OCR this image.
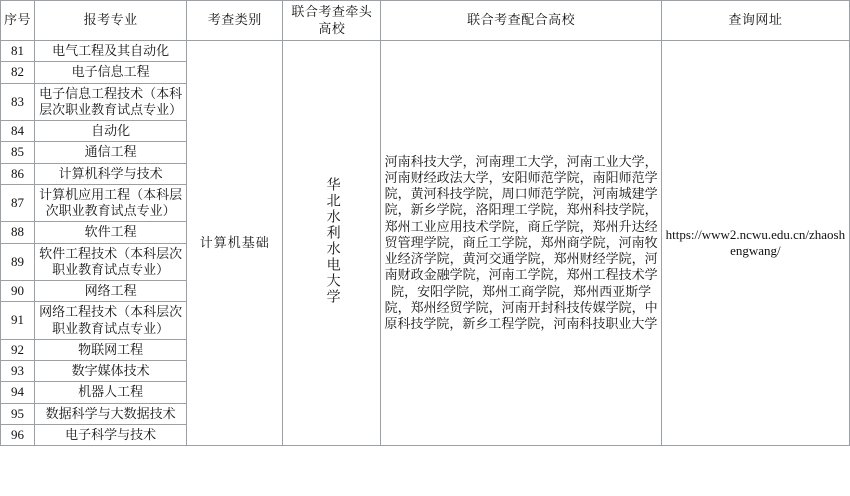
序号	报考专业	考查类别	联合考查牵头高校	联合考查配合高校	查询网址
81	电气工程及其自动化	计算机基础	华北水利水电大学	河南科技大学，河南理工大学，河南工业大学，河南财经政法大学，安阳师范学院，南阳师范学院，黄河科技学院，周口师范学院，河南城建学院，新乡学院，洛阳理工学院，郑州科技学院，郑州工业应用技术学院，商丘学院，郑州升达经贸管理学院，商丘工学院，郑州商学院，河南牧业经济学院，黄河交通学院，郑州财经学院，河南财政金融学院，河南工学院，郑州工程技术学院，安阳学院，郑州工商学院，郑州西亚斯学院，郑州经贸学院，河南开封科技传媒学院，中原科技学院，新乡工程学院，河南科技职业大学	https://www2.ncwu.edu.cn/zhaoshengwang/
82	电子信息工程				
83	电子信息工程技术（本科层次职业教育试点专业）				
84	自动化				
85	通信工程				
86	计算机科学与技术				
87	计算机应用工程（本科层次职业教育试点专业）				
88	软件工程				
89	软件工程技术（本科层次职业教育试点专业）				
90	网络工程				
91	网络工程技术（本科层次职业教育试点专业）				
92	物联网工程				
93	数字媒体技术				
94	机器人工程				
95	数据科学与大数据技术				
96	电子科学与技术				
